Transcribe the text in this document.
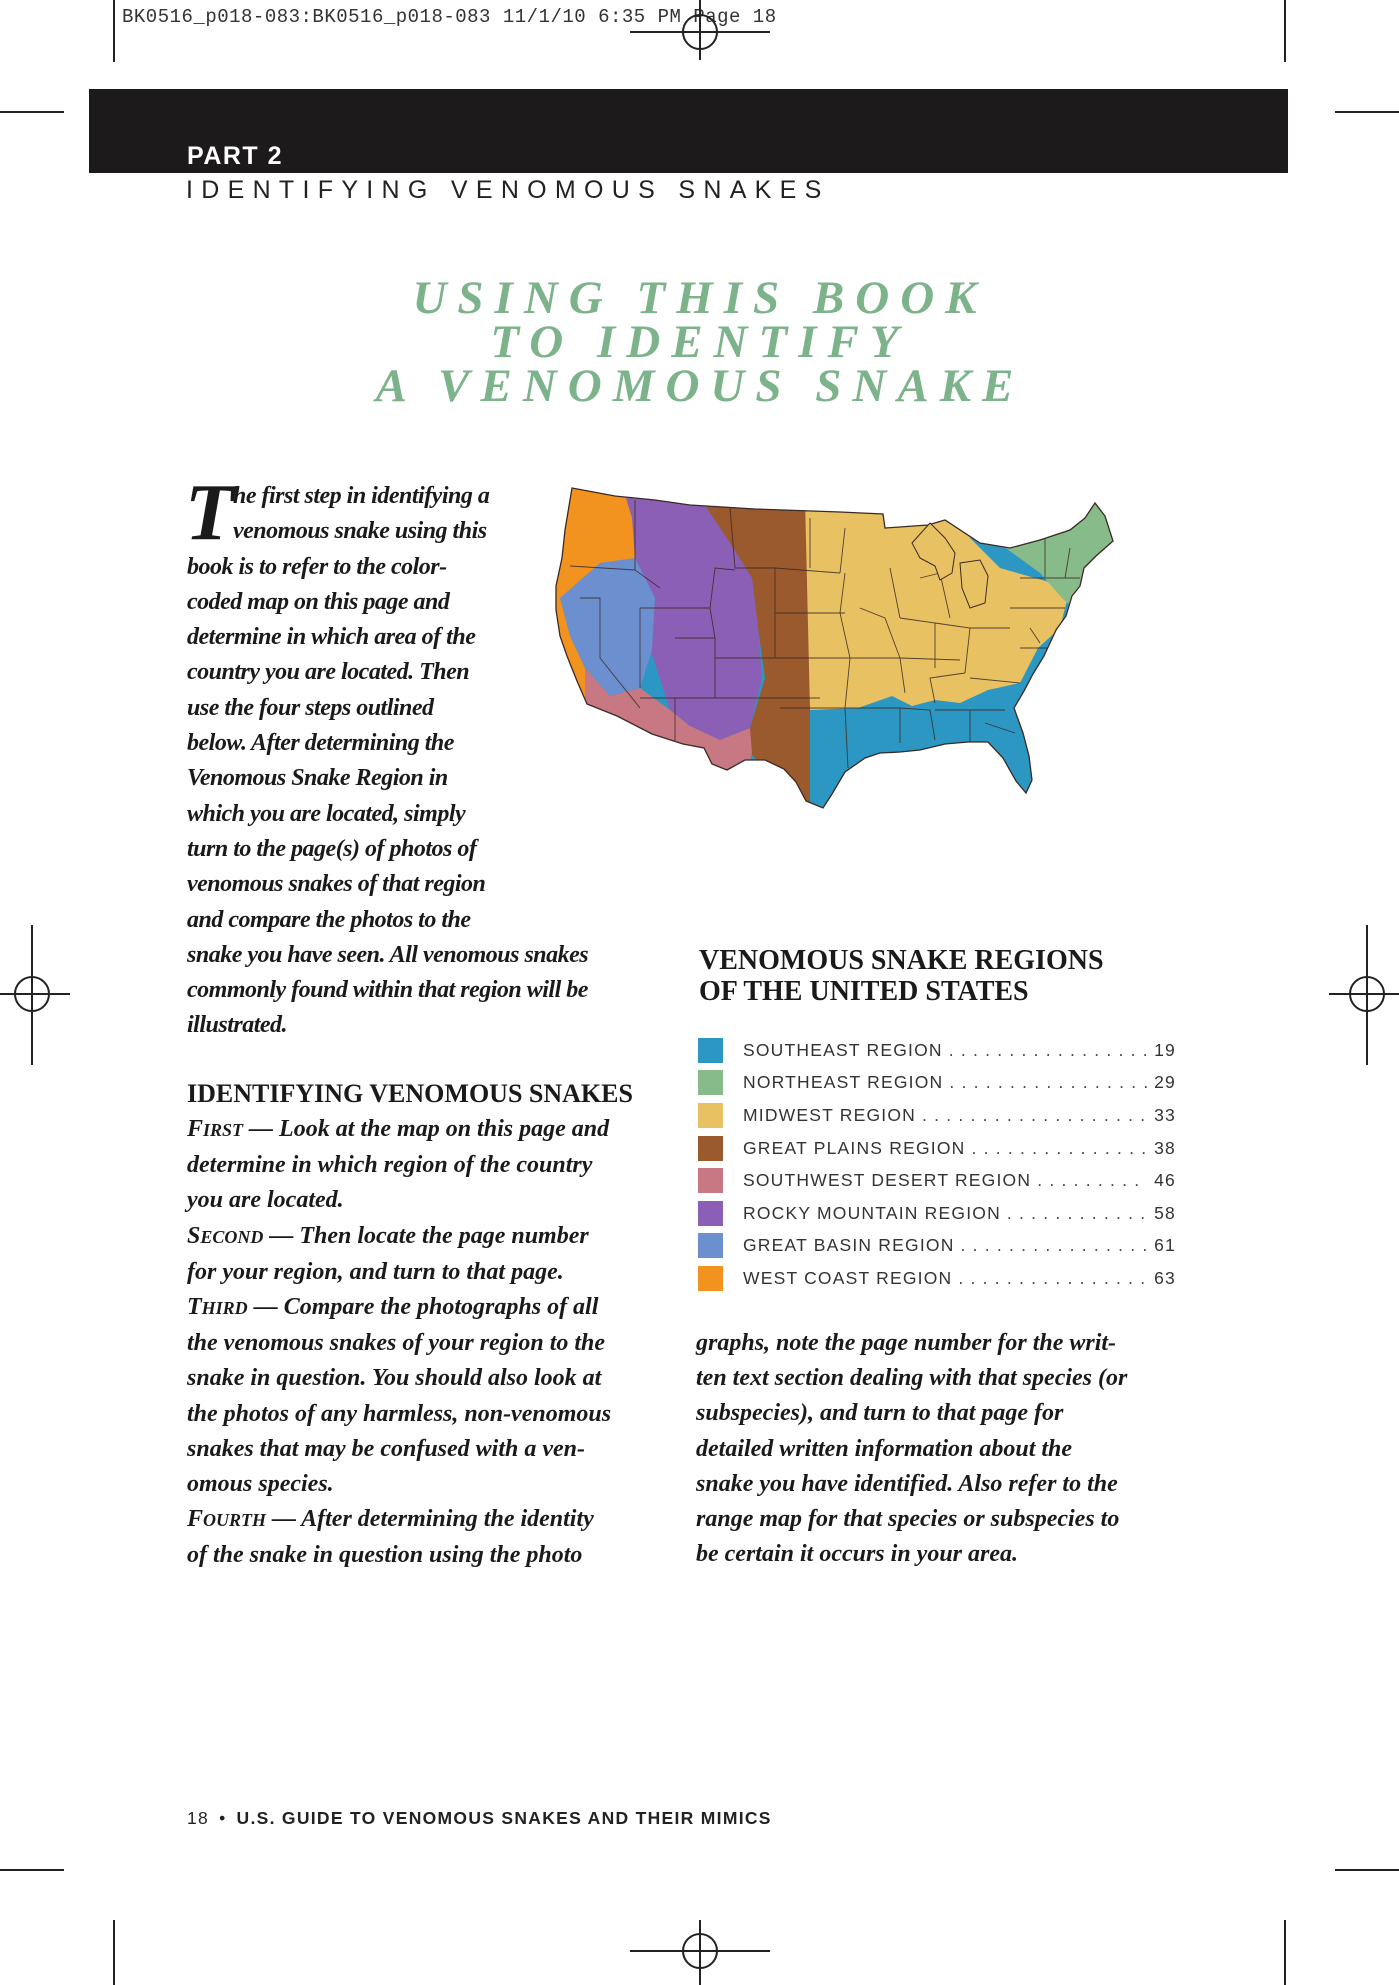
BK0516_p018-083:BK0516_p018-083 11/1/10 6:35 PM Page 18
PART 2
IDENTIFYING VENOMOUS SNAKES
USING THIS BOOK
TO IDENTIFY
A VENOMOUS SNAKE
T he first step in identifying a
venomous snake using this
book is to refer to the color-
coded map on this page and
determine in which area of the
country you are located. Then
use the four steps outlined
below. After determining the
Venomous Snake Region in
which you are located, simply
turn to the page(s) of photos of
venomous snakes of that region
and compare the photos to the
snake you have seen. All venomous snakes
commonly found within that region will be
illustrated.
IDENTIFYING VENOMOUS SNAKES
FIRST — Look at the map on this page and
determine in which region of the country
you are located.
SECOND — Then locate the page number
for your region, and turn to that page.
THIRD — Compare the photographs of all
the venomous snakes of your region to the
snake in question. You should also look at
the photos of any harmless, non-venomous
snakes that may be confused with a ven-
omous species.
FOURTH — After determining the identity
of the snake in question using the photo
VENOMOUS SNAKE REGIONS
OF THE UNITED STATES
SOUTHEAST REGION . . .	19
NORTHEAST REGION . . .	29
MIDWEST REGION . . .	33
GREAT PLAINS REGION . . .	38
SOUTHWEST DESERT REGION . . .	46
ROCKY MOUNTAIN REGION . . .	58
GREAT BASIN REGION . . .	61
WEST COAST REGION . . .	63
graphs, note the page number for the writ-
ten text section dealing with that species (or
subspecies), and turn to that page for
detailed written information about the
snake you have identified. Also refer to the
range map for that species or subspecies to
be certain it occurs in your area.
18 • U.S. GUIDE TO VENOMOUS SNAKES AND THEIR MIMICS
